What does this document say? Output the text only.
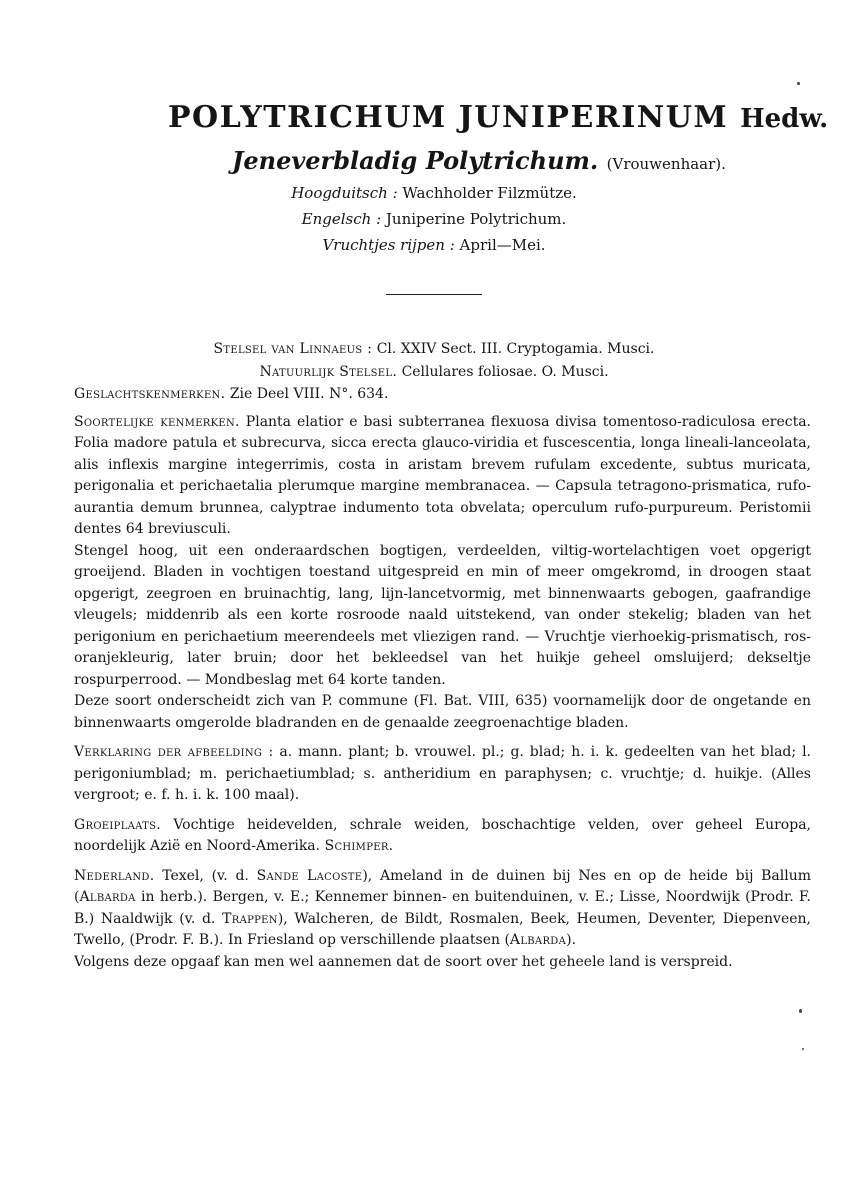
POLYTRICHUM JUNIPERINUM Hedw.
Jeneverbladig Polytrichum. (Vrouwenhaar).
Hoogduitsch : Wachholder Filzmütze.
Engelsch : Juniperine Polytrichum.
Vruchtjes rijpen : April—Mei.
Stelsel van Linnaeus : Cl. XXIV Sect. III. Cryptogamia. Musci.
Natuurlijk Stelsel. Cellulares foliosae. O. Musci.

Geslachtskenmerken. Zie Deel VIII. N°. 634.

Soortelijke kenmerken. Planta elatior e basi subterranea flexuosa divisa tomentoso-radiculosa erecta. Folia madore patula et subrecurva, sicca erecta glauco-viridia et fuscescentia, longa lineali-lanceolata, alis inflexis margine integerrimis, costa in aristam brevem rufulam excedente, subtus muricata, perigonalia et perichaetalia plerumque margine membranacea. — Capsula tetragono-prismatica, rufo-aurantia demum brunnea, calyptrae indumento tota obvelata; operculum rufo-purpureum. Peristomii dentes 64 breviusculi.

Stengel hoog, uit een onderaardschen bogtigen, verdeelden, viltig-wortelachtigen voet opgerigt groeijend. Bladen in vochtigen toestand uitgespreid en min of meer omgekromd, in droogen staat opgerigt, zeegroen en bruinachtig, lang, lijn-lancetvormig, met binnenwaarts gebogen, gaafrandige vleugels; middenrib als een korte rosroode naald uitstekend, van onder stekelig; bladen van het perigonium en perichaetium meerendeels met vliezigen rand. — Vruchtje vierhoekig-prismatisch, ros-oranjekleurig, later bruin; door het bekleedsel van het huikje geheel omsluijerd; dekseltje rospurperrood. — Mondbeslag met 64 korte tanden.

Deze soort onderscheidt zich van P. commune (Fl. Bat. VIII, 635) voornamelijk door de ongetande en binnenwaarts omgerolde bladranden en de genaalde zeegroenachtige bladen.

Verklaring der afbeelding : a. mann. plant; b. vrouwel. pl.; g. blad; h. i. k. gedeelten van het blad; l. perigoniumblad; m. perichaetiumblad; s. antheridium en paraphysen; c. vruchtje; d. huikje. (Alles vergroot; e. f. h. i. k. 100 maal).

Groeiplaats. Vochtige heidevelden, schrale weiden, boschachtige velden, over geheel Europa, noordelijk Azië en Noord-Amerika. Schimper.

Nederland. Texel, (v. d. Sande Lacoste), Ameland in de duinen bij Nes en op de heide bij Ballum (Albarda in herb.). Bergen, v. E.; Kennemer binnen- en buitenduinen, v. E.; Lisse, Noordwijk (Prodr. F. B.) Naaldwijk (v. d. Trappen), Walcheren, de Bildt, Rosmalen, Beek, Heumen, Deventer, Diepenveen, Twello, (Prodr. F. B.). In Friesland op verschillende plaatsen (Albarda).

Volgens deze opgaaf kan men wel aannemen dat de soort over het geheele land is verspreid.
